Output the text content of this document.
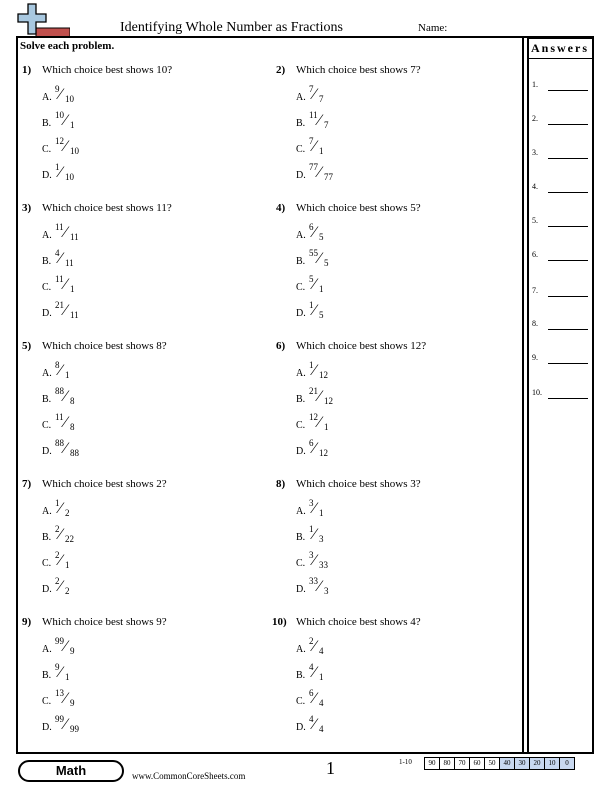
Identifying Whole Number as Fractions	Name:
Solve each problem.	Answers
1.
2.
3.
4.
5.
6.
7.
8.
9.
10.
1) Which choice best shows 10?
A.
9 ⁄ 10
B.
10 ⁄ 1
C.
12 ⁄ 10
D.
1 ⁄ 10
2) Which choice best shows 7?
A.
7 ⁄ 7
B.
11 ⁄ 7
C.
7 ⁄ 1
D.
77 ⁄ 77
3) Which choice best shows 11?
A.
11 ⁄ 11
B.
4 ⁄ 11
C.
11 ⁄ 1
D.
21 ⁄ 11
4) Which choice best shows 5?
A.
6 ⁄ 5
B.
55 ⁄ 5
C.
5 ⁄ 1
D.
1 ⁄ 5
5) Which choice best shows 8?
A.
8 ⁄ 1
B.
88 ⁄ 8
C.
11 ⁄ 8
D.
88 ⁄ 88
6) Which choice best shows 12?
A.
1 ⁄ 12
B.
21 ⁄ 12
C.
12 ⁄ 1
D.
6 ⁄ 12
7) Which choice best shows 2?
A.
1 ⁄ 2
B.
2 ⁄ 22
C.
2 ⁄ 1
D.
2 ⁄ 2
8) Which choice best shows 3?
A.
3 ⁄ 1
B.
1 ⁄ 3
C.
3 ⁄ 33
D.
33 ⁄ 3
9) Which choice best shows 9?
A.
99 ⁄ 9
B.
9 ⁄ 1
C.
13 ⁄ 9
D.
99 ⁄ 99
10) Which choice best shows 4?
A.
2 ⁄ 4
B.
4 ⁄ 1
C.
6 ⁄ 4
D.
4 ⁄ 4
Math	www.CommonCoreSheets.com	1	1-10	90	80	70	60	50	40	30	20	10	0
